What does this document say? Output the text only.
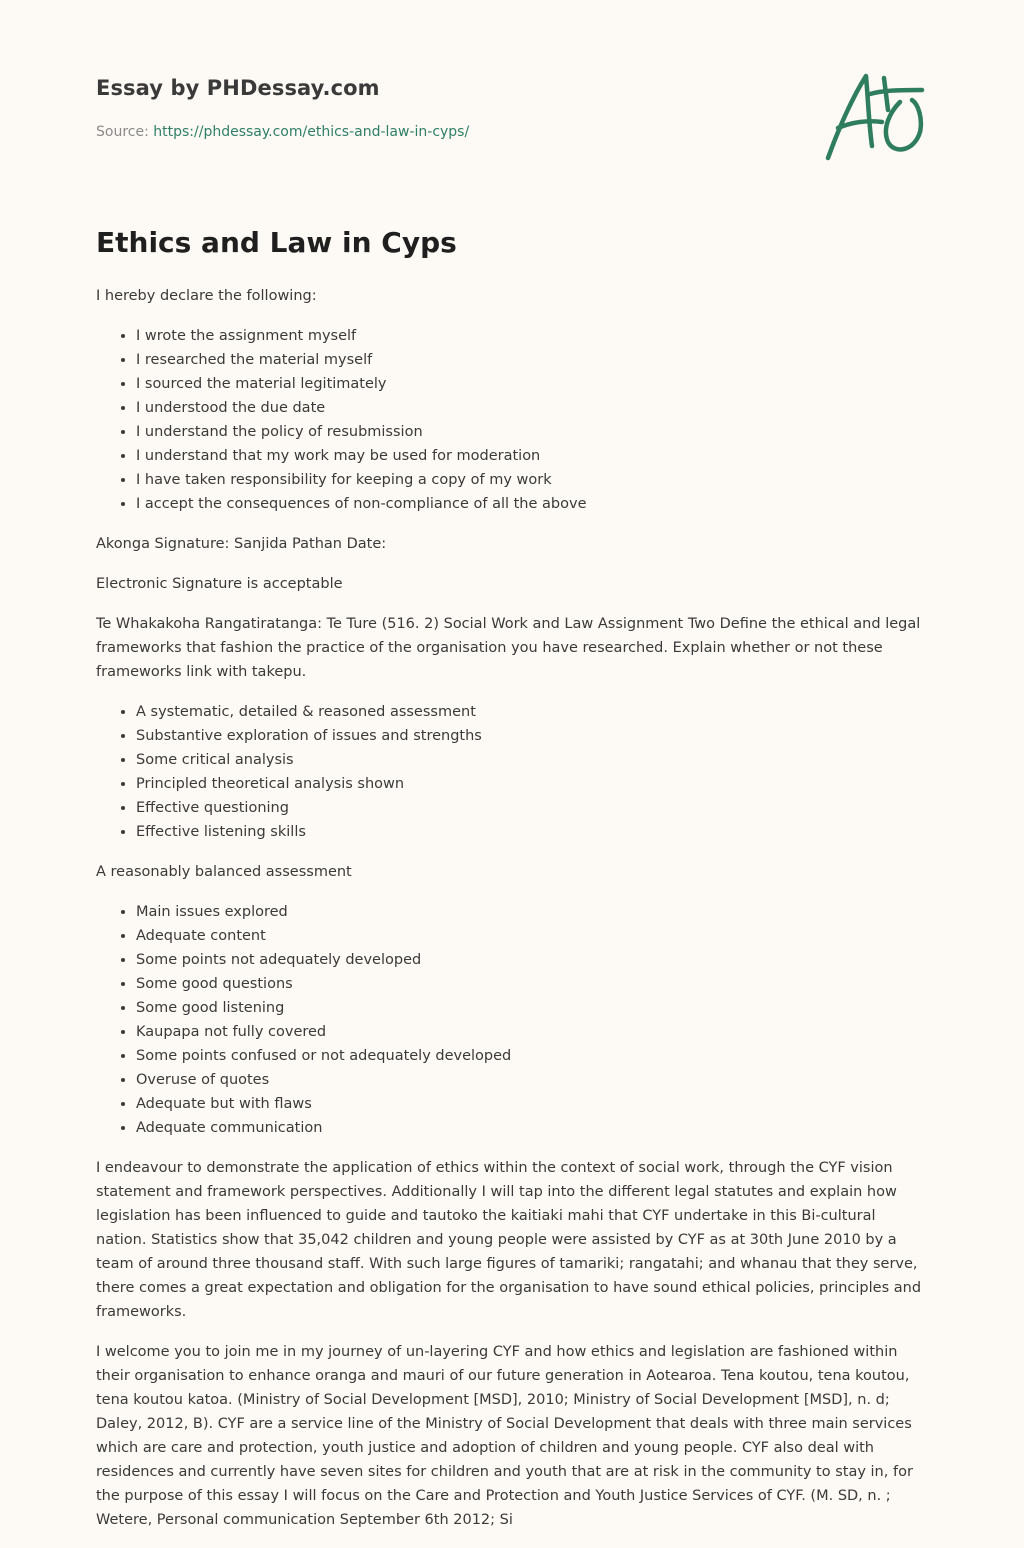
Essay by PHDessay.com
Source: https://phdessay.com/ethics-and-law-in-cyps/
Ethics and Law in Cyps

I hereby declare the following:

• I wrote the assignment myself
• I researched the material myself
• I sourced the material legitimately
• I understood the due date
• I understand the policy of resubmission
• I understand that my work may be used for moderation
• I have taken responsibility for keeping a copy of my work
• I accept the consequences of non-compliance of all the above

Akonga Signature: Sanjida Pathan Date:

Electronic Signature is acceptable

Te Whakakoha Rangatiratanga: Te Ture (516. 2) Social Work and Law Assignment Two Define the ethical and legal frameworks that fashion the practice of the organisation you have researched. Explain whether or not these frameworks link with takepu.

• A systematic, detailed & reasoned assessment
• Substantive exploration of issues and strengths
• Some critical analysis
• Principled theoretical analysis shown
• Effective questioning
• Effective listening skills

A reasonably balanced assessment

• Main issues explored
• Adequate content
• Some points not adequately developed
• Some good questions
• Some good listening
• Kaupapa not fully covered
• Some points confused or not adequately developed
• Overuse of quotes
• Adequate but with flaws
• Adequate communication

I endeavour to demonstrate the application of ethics within the context of social work, through the CYF vision statement and framework perspectives. Additionally I will tap into the different legal statutes and explain how legislation has been influenced to guide and tautoko the kaitiaki mahi that CYF undertake in this Bi-cultural nation. Statistics show that 35,042 children and young people were assisted by CYF as at 30th June 2010 by a team of around three thousand staff. With such large figures of tamariki; rangatahi; and whanau that they serve, there comes a great expectation and obligation for the organisation to have sound ethical policies, principles and frameworks.

I welcome you to join me in my journey of un-layering CYF and how ethics and legislation are fashioned within their organisation to enhance oranga and mauri of our future generation in Aotearoa. Tena koutou, tena koutou, tena koutou katoa. (Ministry of Social Development [MSD], 2010; Ministry of Social Development [MSD], n. d; Daley, 2012, B). CYF are a service line of the Ministry of Social Development that deals with three main services which are care and protection, youth justice and adoption of children and young people. CYF also deal with residences and currently have seven sites for children and youth that are at risk in the community to stay in, for the purpose of this essay I will focus on the Care and Protection and Youth Justice Services of CYF. (M. SD, n. ; Wetere, Personal communication September 6th 2012; Si
